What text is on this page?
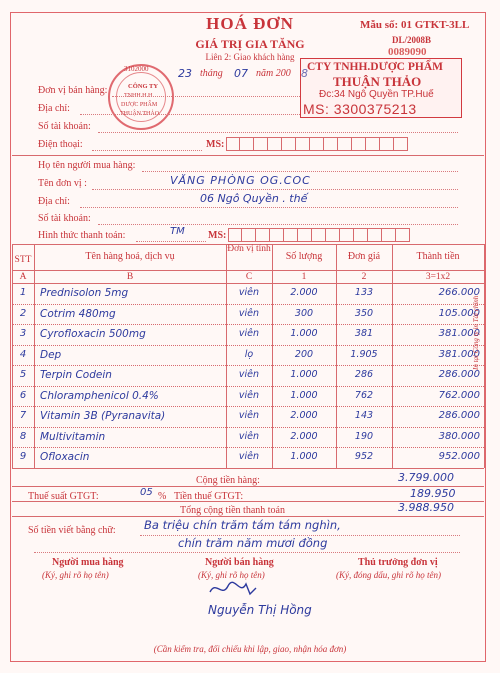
HOÁ ĐƠN
GIÁ TRỊ GIA TĂNG
Liên 2: Giao khách hàng
Mẫu số: 01 GTKT-3LL
DL/2008B
0089090
23 tháng 07 năm 200 8 CTY TNHH.DƯỢC PHẨM
THUẬN THẢO
Đc:34 Ngô Quyền TP.Huế
MS: 3300375213
3102000
CÔNG TY
TNHH.H.H
DƯỢC PHẨM
THUẬN THẢO
Đơn vị bán hàng:
Địa chỉ:
Số tài khoản:
Điện thoại:	MS:
Họ tên người mua hàng:
Tên đơn vị :	VĂNG PHÒNG OG.COC
Địa chỉ:	06 Ngô Quyền . thế
Số tài khoản:
Hình thức thanh toán:	TM MS:
STT	Tên hàng hoá, dịch vụ
Đơn vị tính
Số lượng	Đơn giá	Thành tiền
A	B	C	1	2	3=1x2
1	Prednisolon 5mg	viên	2.000	133	266.000
2	Cotrim 480mg	viên	300	350	105.000
3	Cyrofloxacin 500mg	viên	1.000	381	381.000
4	Dep	lọ	200	1.905	381.000
5	Terpin Codein	viên	1.000	286	286.000
6	Chloramphenicol 0.4%	viên	1.000	762	762.000
7	Vitamin 3B (Pyranavita)	viên	2.000	143	286.000
8	Multivitamin	viên	2.000	190	380.000
9	Ofloxacin	viên	1.000	952	952.000
Cộng tiền hàng:	3.799.000
Thuế suất GTGT:	05 % Tiền thuế GTGT:	189.950
Tổng cộng tiền thanh toán	3.988.950
Số tiền viết bằng chữ: Ba triệu chín trăm tám tám nghìn,
chín trăm năm mươi đồng
Người mua hàng
(Ký, ghi rõ họ tên)
Người bán hàng
(Ký, ghi rõ họ tên)
Nguyễn Thị Hồng
Thủ trưởng đơn vị
(Ký, đóng dấu, ghi rõ họ tên)
(Cần kiểm tra, đối chiếu khi lập, giao, nhận hóa đơn)
In tại Công ty in Tài chính
